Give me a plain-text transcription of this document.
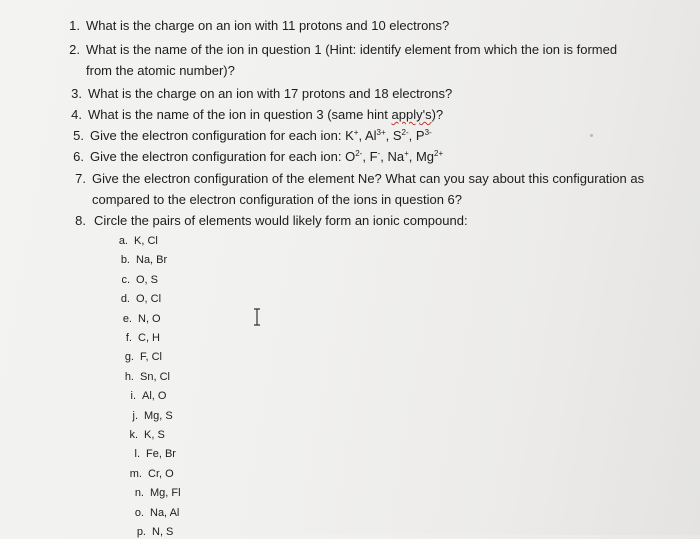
1. What is the charge on an ion with 11 protons and 10 electrons?
2. What is the name of the ion in question 1 (Hint: identify element from which the ion is formed
from the atomic number)?
3. What is the charge on an ion with 17 protons and 18 electrons?
4. What is the name of the ion in question 3 (same hint apply's)?
5. Give the electron configuration for each ion: K+, $Al^{3+}$, $S^{2-}$, $P^{3-}$
6. Give the electron configuration for each ion: $O^{2-}$, F-, Na+, $Mg^{2+}$
7. Give the electron configuration of the element Ne? What can you say about this configuration as
compared to the electron configuration of the ions in question 6?
8. Circle the pairs of elements would likely form an ionic compound:
a. K, Cl
b. Na, Br
c. O, S
d. O, Cl
e. N, O
f. C, H
g. F, Cl
h. Sn, Cl
i. Al, O
j. Mg, S
k. K, S
l. Fe, Br
m. Cr, O
n. Mg, Fl
o. Na, Al
p. N, S
